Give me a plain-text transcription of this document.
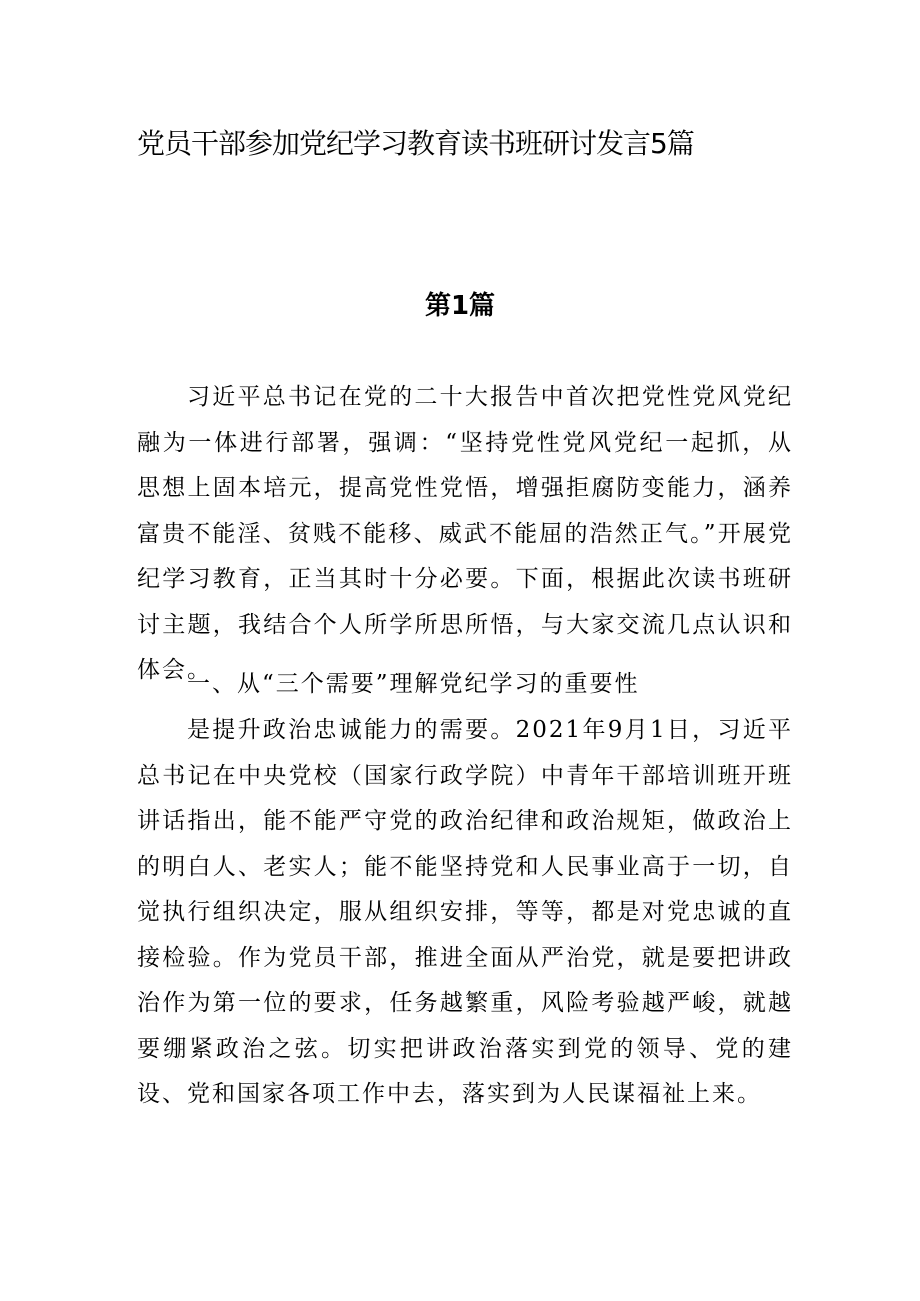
党员干部参加党纪学习教育读书班研讨发言5篇
第1篇

习近平总书记在党的二十大报告中首次把党性党风党纪融为一体进行部署，强调：“坚持党性党风党纪一起抓，从思想上固本培元，提高党性党悟，增强拒腐防变能力，涵养富贵不能淫、贫贱不能移、威武不能屈的浩然正气。”开展党纪学习教育，正当其时十分必要。下面，根据此次读书班研讨主题，我结合个人所学所思所悟，与大家交流几点认识和体会。

一、从“三个需要”理解党纪学习的重要性

是提升政治忠诚能力的需要。2021年9月1日，习近平总书记在中央党校（国家行政学院）中青年干部培训班开班讲话指出，能不能严守党的政治纪律和政治规矩，做政治上的明白人、老实人；能不能坚持党和人民事业高于一切，自觉执行组织决定，服从组织安排，等等，都是对党忠诚的直接检验。作为党员干部，推进全面从严治党，就是要把讲政治作为第一位的要求，任务越繁重，风险考验越严峻，就越要绷紧政治之弦。切实把讲政治落实到党的领导、党的建设、党和国家各项工作中去，落实到为人民谋福祉上来。
